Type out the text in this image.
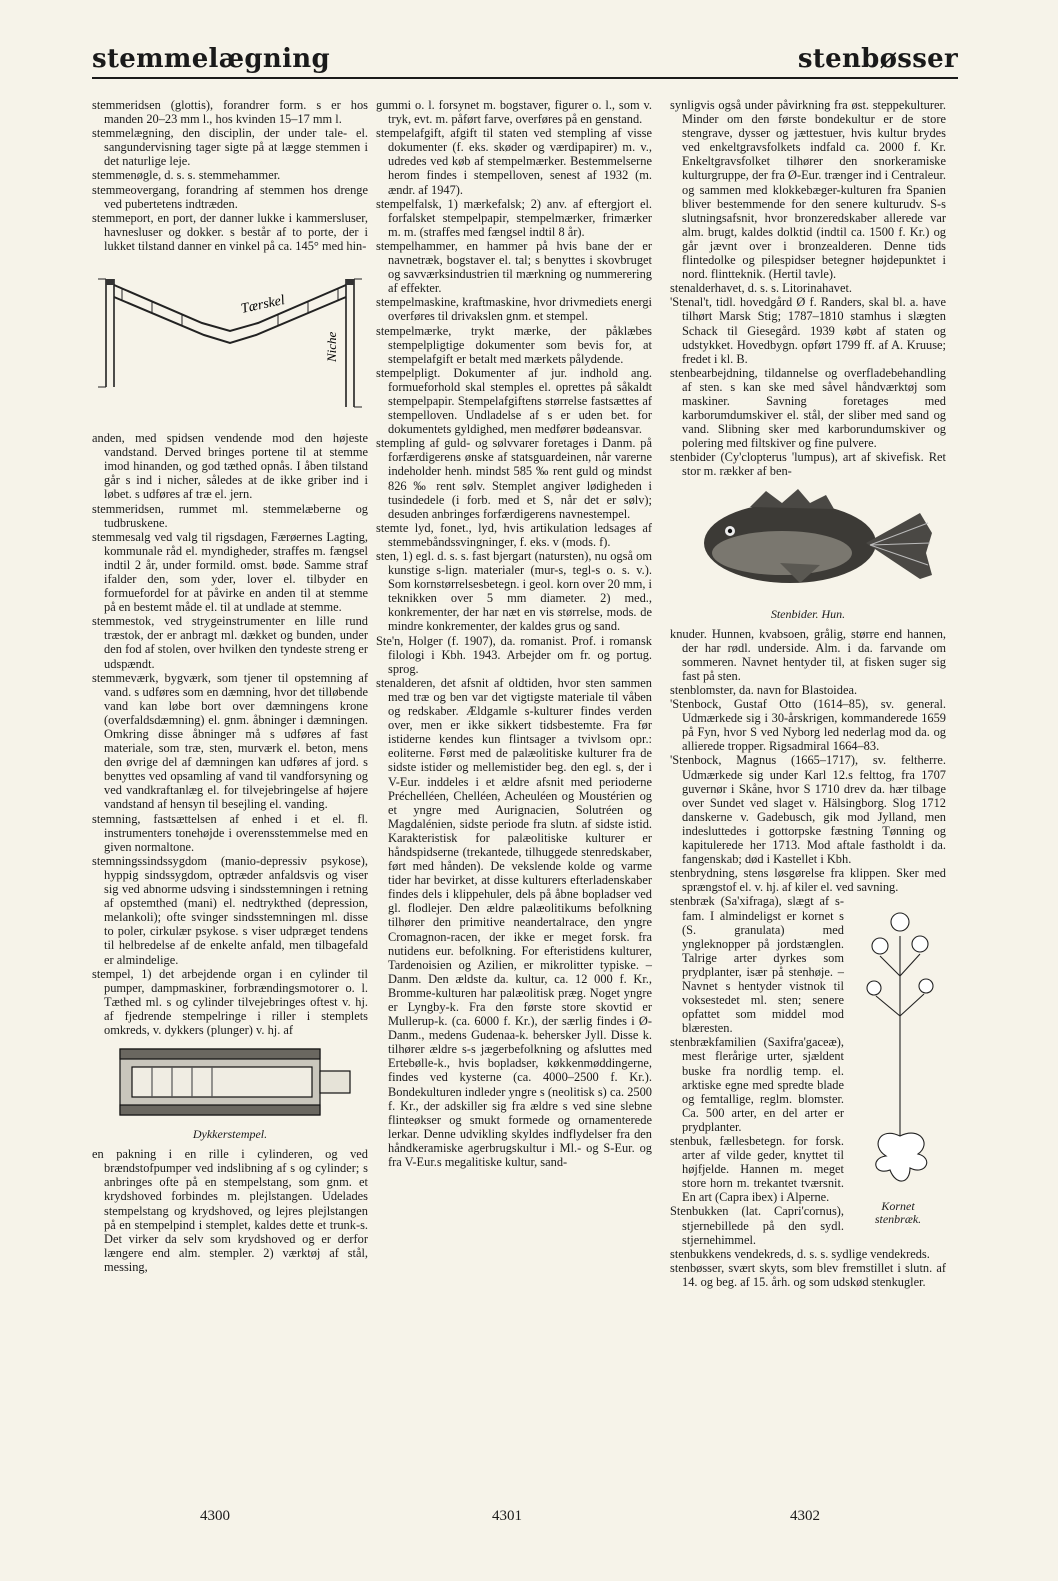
stemmelægning	stenbøsser

stemmeridsen (glottis), forandrer form. s er hos manden 20–23 mm l., hos kvinden 15–17 mm l.

stemmelægning, den disciplin, der under tale- el. sangundervisning tager sigte på at lægge stemmen i det naturlige leje.

stemmenøgle, d. s. s. stemmehammer.

stemmeovergang, forandring af stemmen hos drenge ved pubertetens indtræden.

stemmeport, en port, der danner lukke i kammersluser, havnesluser og dokker. s består af to porte, der i lukket tilstand danner en vinkel på ca. 145° med hin-

Tærskel
Niche

anden, med spidsen vendende mod den højeste vandstand. Derved bringes portene til at stemme imod hinanden, og god tæthed opnås. I åben tilstand går s ind i nicher, således at de ikke griber ind i løbet. s udføres af træ el. jern.

stemmeridsen, rummet ml. stemmelæberne og tudbruskene.

stemmesalg ved valg til rigsdagen, Færøernes Lagting, kommunale råd el. myndigheder, straffes m. fængsel indtil 2 år, under formild. omst. bøde. Samme straf ifalder den, som yder, lover el. tilbyder en formuefordel for at påvirke en anden til at stemme på en bestemt måde el. til at undlade at stemme.

stemmestok, ved strygeinstrumenter en lille rund træstok, der er anbragt ml. dækket og bunden, under den fod af stolen, over hvilken den tyndeste streng er udspændt.

stemmeværk, bygværk, som tjener til opstemning af vand. s udføres som en dæmning, hvor det tilløbende vand kan løbe bort over dæmningens krone (overfaldsdæmning) el. gnm. åbninger i dæmningen. Omkring disse åbninger må s udføres af fast materiale, som træ, sten, murværk el. beton, mens den øvrige del af dæmningen kan udføres af jord. s benyttes ved opsamling af vand til vandforsyning og ved vandkraftanlæg el. for tilvejebringelse af højere vandstand af hensyn til besejling el. vanding.

stemning, fastsættelsen af enhed i et el. fl. instrumenters tonehøjde i overensstemmelse med en given normaltone.

stemningssindssygdom (manio-depressiv psykose), hyppig sindssygdom, optræder anfaldsvis og viser sig ved abnorme udsving i sindsstemningen i retning af opstemthed (mani) el. nedtrykthed (depression, melankoli); ofte svinger sindsstemningen ml. disse to poler, cirkulær psykose. s viser udpræget tendens til helbredelse af de enkelte anfald, men tilbagefald er almindelige.

stempel, 1) det arbejdende organ i en cylinder til pumper, dampmaskiner, forbrændingsmotorer o. l. Tæthed ml. s og cylinder tilvejebringes oftest v. hj. af fjedrende stempelringe i riller i stemplets omkreds, v. dykkers (plunger) v. hj. af

Dykkerstempel.

en pakning i en rille i cylinderen, og ved brændstofpumper ved indslibning af s og cylinder; s anbringes ofte på en stempelstang, som gnm. et krydshoved forbindes m. plejlstangen. Udelades stempelstang og krydshoved, og lejres plejlstangen på en stempelpind i stemplet, kaldes dette et trunk-s. Det virker da selv som krydshoved og er derfor længere end alm. stempler. 2) værktøj af stål, messing,

gummi o. l. forsynet m. bogstaver, figurer o. l., som v. tryk, evt. m. påført farve, overføres på en genstand.

stempelafgift, afgift til staten ved stempling af visse dokumenter (f. eks. skøder og værdipapirer) m. v., udredes ved køb af stempelmærker. Bestemmelserne herom findes i stempelloven, senest af 1932 (m. ændr. af 1947).

stempelfalsk, 1) mærkefalsk; 2) anv. af eftergjort el. forfalsket stempelpapir, stempelmærker, frimærker m. m. (straffes med fængsel indtil 8 år).

stempelhammer, en hammer på hvis bane der er navnetræk, bogstaver el. tal; s benyttes i skovbruget og savværksindustrien til mærkning og nummerering af effekter.

stempelmaskine, kraftmaskine, hvor drivmediets energi overføres til drivakslen gnm. et stempel.

stempelmærke, trykt mærke, der påklæbes stempelpligtige dokumenter som bevis for, at stempelafgift er betalt med mærkets pålydende.

stempelpligt. Dokumenter af jur. indhold ang. formueforhold skal stemples el. oprettes på såkaldt stempelpapir. Stempelafgiftens størrelse fastsættes af stempelloven. Undladelse af s er uden bet. for dokumentets gyldighed, men medfører bødeansvar.

stempling af guld- og sølvvarer foretages i Danm. på forfærdigerens ønske af statsguardeinen, når varerne indeholder henh. mindst 585 ‰ rent guld og mindst 826 ‰ rent sølv. Stemplet angiver lødigheden i tusindedele (i forb. med et S, når det er sølv); desuden anbringes forfærdigerens navnestempel.

stemte lyd, fonet., lyd, hvis artikulation ledsages af stemmebåndssvingninger, f. eks. v (mods. f).

sten, 1) egl. d. s. s. fast bjergart (natursten), nu også om kunstige s-lign. materialer (mur-s, tegl-s o. s. v.). Som kornstørrelsesbetegn. i geol. korn over 20 mm, i teknikken over 5 mm diameter. 2) med., konkrementer, der har næt en vis størrelse, mods. de mindre konkrementer, der kaldes grus og sand.

Ste'n, Holger (f. 1907), da. romanist. Prof. i romansk filologi i Kbh. 1943. Arbejder om fr. og portug. sprog.

stenalderen, det afsnit af oldtiden, hvor sten sammen med træ og ben var det vigtigste materiale til våben og redskaber. Ældgamle s-kulturer findes verden over, men er ikke sikkert tidsbestemte. Fra før istiderne kendes kun flintsager a tvivlsom opr.: eoliterne. Først med de palæolitiske kulturer fra de sidste istider og mellemistider beg. den egl. s, der i V-Eur. inddeles i et ældre afsnit med perioderne Préchelléen, Chelléen, Acheuléen og Moustérien og et yngre med Aurignacien, Solutréen og Magdalénien, sidste periode fra slutn. af sidste istid. Karakteristisk for palæolitiske kulturer er håndspidserne (trekantede, tilhuggede stenredskaber, ført med hånden). De vekslende kolde og varme tider har bevirket, at disse kulturers efterladenskaber findes dels i klippehuler, dels på åbne bopladser ved gl. flodlejer. Den ældre palæolitikums befolkning tilhører den primitive neandertalrace, den yngre Cromagnon-racen, der ikke er meget forsk. fra nutidens eur. befolkning. For efteristidens kulturer, Tardenoisien og Azilien, er mikrolitter typiske. – Danm. Den ældste da. kultur, ca. 12 000 f. Kr., Bromme-kulturen har palæolitisk præg. Noget yngre er Lyngby-k. Fra den første store skovtid er Mullerup-k. (ca. 6000 f. Kr.), der særlig findes i Ø-Danm., medens Gudenaa-k. behersker Jyll. Disse k. tilhører ældre s-s jægerbefolkning og afsluttes med Ertebølle-k., hvis bopladser, køkkenmøddingerne, findes ved kysterne (ca. 4000–2500 f. Kr.). Bondekulturen indleder yngre s (neolitisk s) ca. 2500 f. Kr., der adskiller sig fra ældre s ved sine slebne flinteøkser og smukt formede og ornamenterede lerkar. Denne udvikling skyldes indflydelser fra den håndkeramiske agerbrugskultur i Ml.- og S-Eur. og fra V-Eur.s megalitiske kultur, sand-

synligvis også under påvirkning fra øst. steppekulturer. Minder om den første bondekultur er de store stengrave, dysser og jættestuer, hvis kultur brydes ved enkeltgravsfolkets indfald ca. 2000 f. Kr. Enkeltgravsfolket tilhører den snorkeramiske kulturgruppe, der fra Ø-Eur. trænger ind i Centraleur. og sammen med klokkebæger-kulturen fra Spanien bliver bestemmende for den senere kulturudv. S-s slutningsafsnit, hvor bronzeredskaber allerede var alm. brugt, kaldes dolktid (indtil ca. 1500 f. Kr.) og går jævnt over i bronzealderen. Denne tids flintedolke og pilespidser betegner højdepunktet i nord. flintteknik. (Hertil tavle).

stenalderhavet, d. s. s. Litorinahavet.

'Stenal't, tidl. hovedgård Ø f. Randers, skal bl. a. have tilhørt Marsk Stig; 1787–1810 stamhus i slægten Schack til Giesegård. 1939 købt af staten og udstykket. Hovedbygn. opført 1799 ff. af A. Kruuse; fredet i kl. B.

stenbearbejdning, tildannelse og overfladebehandling af sten. s kan ske med såvel håndværktøj som maskiner. Savning foretages med karborumdumskiver el. stål, der sliber med sand og vand. Slibning sker med karborundumskiver og polering med filtskiver og fine pulvere.

stenbider (Cy'clopterus 'lumpus), art af skivefisk. Ret stor m. rækker af ben-

Stenbider. Hun.

knuder. Hunnen, kvabsoen, grålig, større end hannen, der har rødl. underside. Alm. i da. farvande om sommeren. Navnet hentyder til, at fisken suger sig fast på sten.

stenblomster, da. navn for Blastoidea.

'Stenbock, Gustaf Otto (1614–85), sv. general. Udmærkede sig i 30-årskrigen, kommanderede 1659 på Fyn, hvor S ved Nyborg led nederlag mod da. og allierede tropper. Rigsadmiral 1664–83.

'Stenbock, Magnus (1665–1717), sv. feltherre. Udmærkede sig under Karl 12.s felttog, fra 1707 guvernør i Skåne, hvor S 1710 drev da. hær tilbage over Sundet ved slaget v. Hälsingborg. Slog 1712 danskerne v. Gadebusch, gik mod Jylland, men indesluttedes i gottorpske fæstning Tønning og kapitulerede her 1713. Mod aftale fastholdt i da. fangenskab; død i Kastellet i Kbh.

stenbrydning, stens løsgørelse fra klippen. Sker med sprængstof el. v. hj. af kiler el. ved savning.

Kornet
stenbræk.

stenbræk (Sa'xifraga), slægt af s-fam. I almindeligst er kornet s (S. granulata) med yngleknopper på jordstænglen. Talrige arter dyrkes som prydplanter, især på stenhøje. – Navnet s hentyder vistnok til voksestedet ml. sten; senere opfattet som middel mod blæresten.

stenbrækfamilien (Saxifra'gaceæ), mest flerårige urter, sjældent buske fra nordlig temp. el. arktiske egne med spredte blade og femtallige, reglm. blomster. Ca. 500 arter, en del arter er prydplanter.

stenbuk, fællesbetegn. for forsk. arter af vilde geder, knyttet til højfjelde. Hannen m. meget store horn m. trekantet tværsnit. En art (Capra ibex) i Alperne.

Stenbukken (lat. Capri'cornus), stjernebillede på den sydl. stjernehimmel.

stenbukkens vendekreds, d. s. s. sydlige vendekreds.

stenbøsser, svært skyts, som blev fremstillet i slutn. af 14. og beg. af 15. årh. og som udskød stenkugler.

4300	4301	4302
